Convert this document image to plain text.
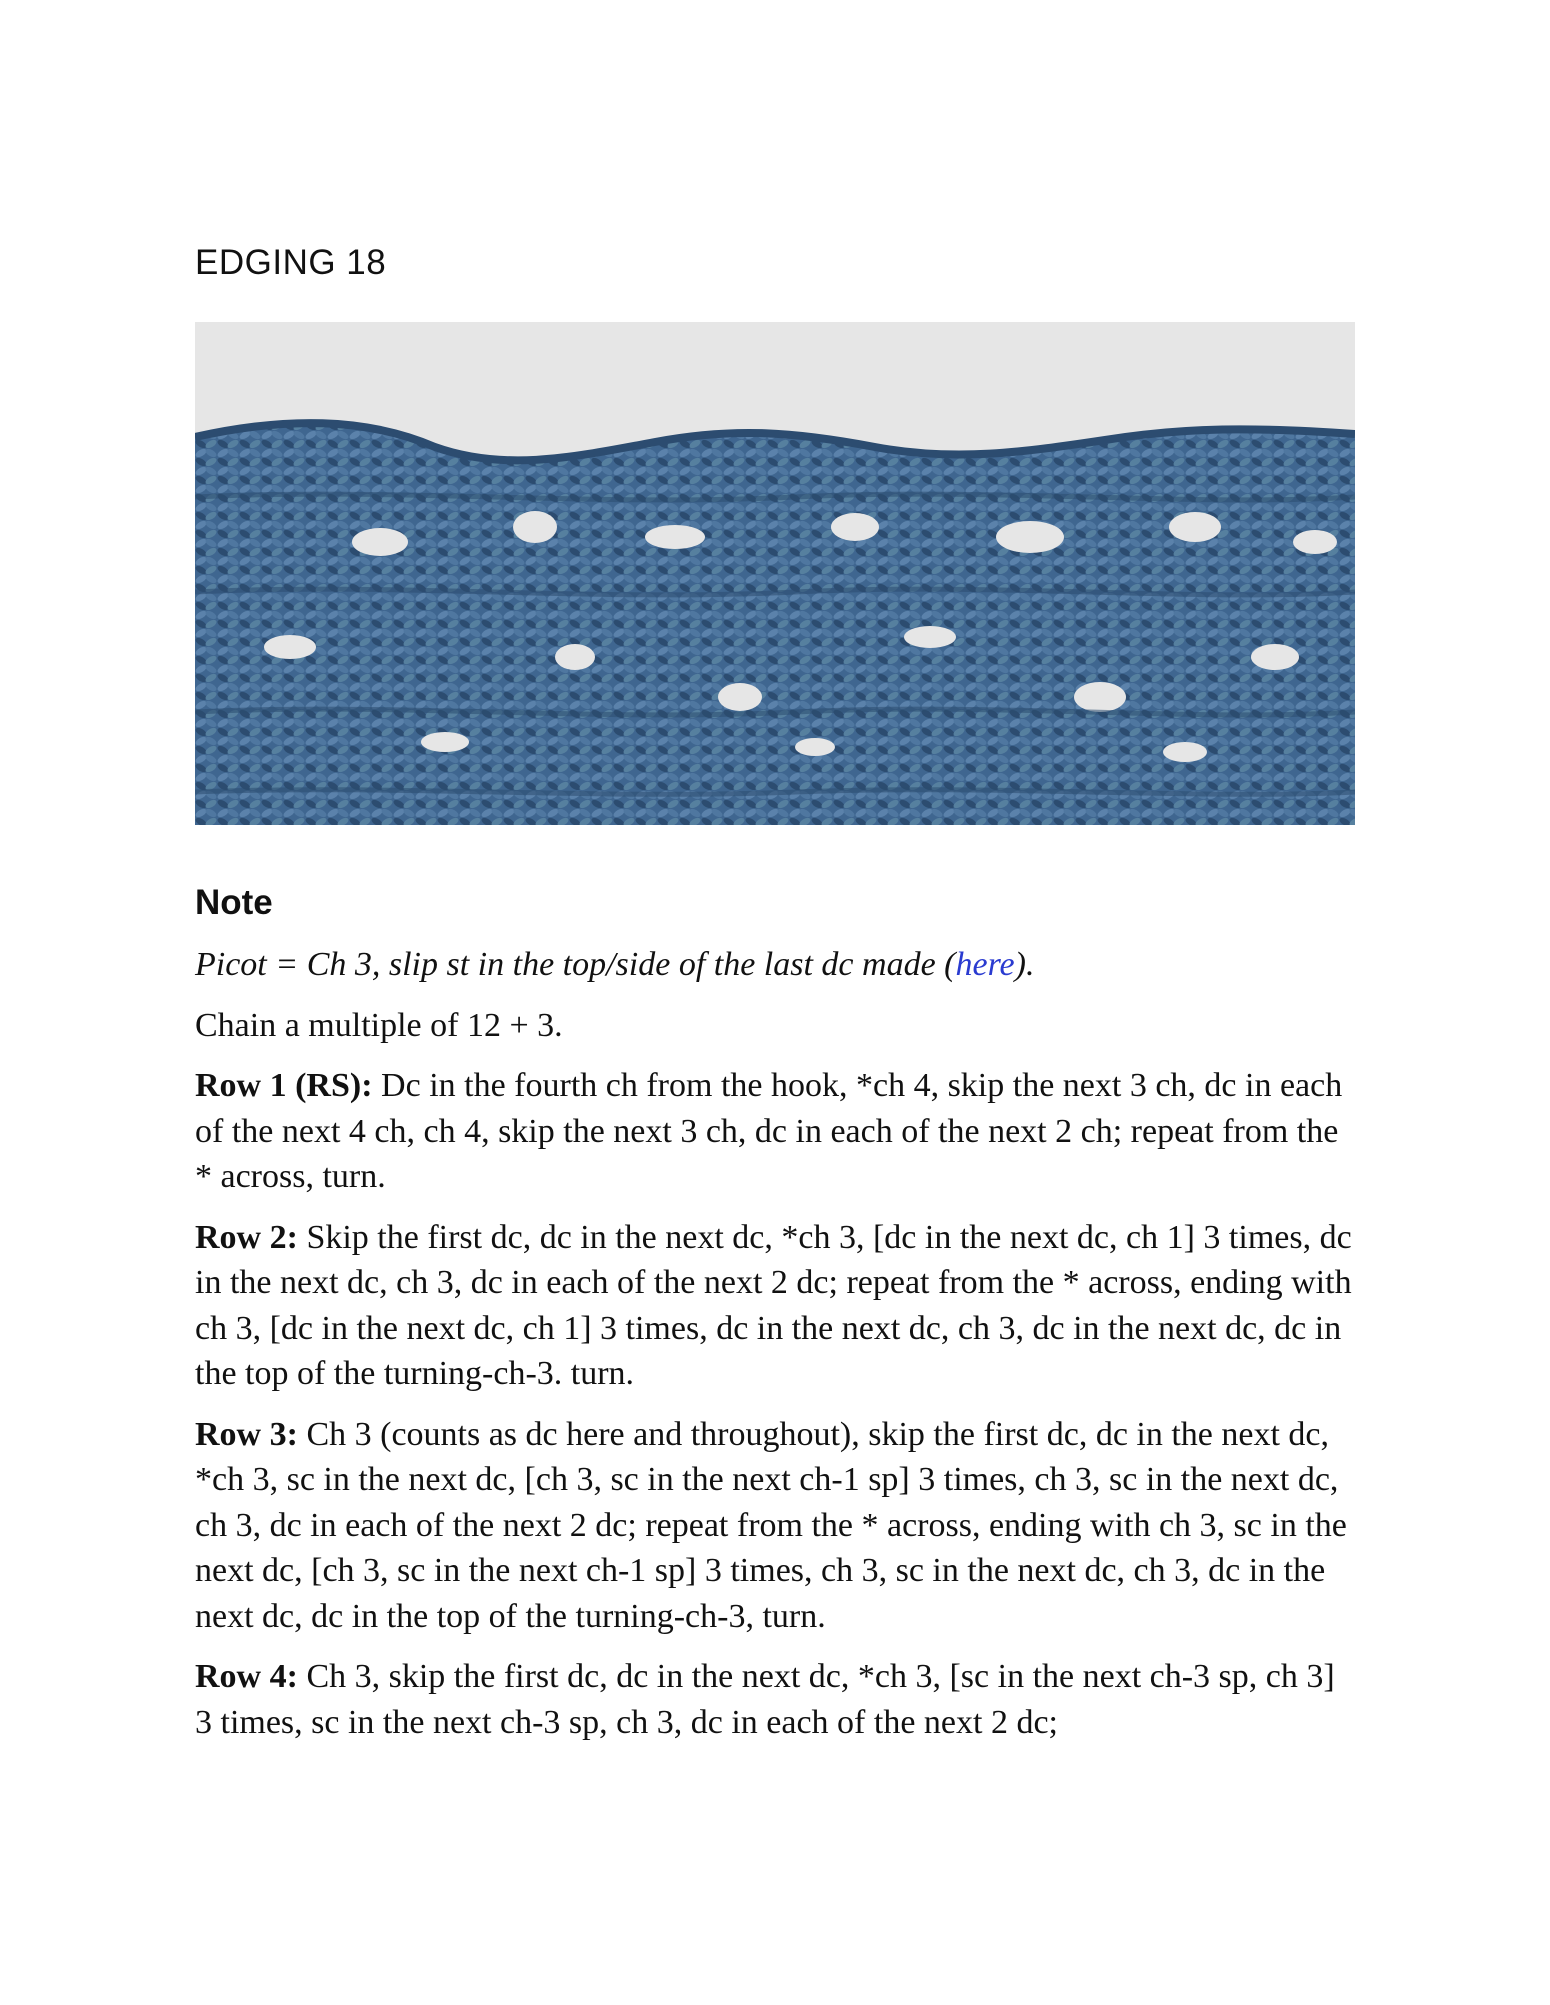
EDGING 18
Note

Picot = Ch 3, slip st in the top/side of the last dc made (here).

Chain a multiple of 12 + 3.

Row 1 (RS): Dc in the fourth ch from the hook, *ch 4, skip the next 3 ch, dc in each of the next 4 ch, ch 4, skip the next 3 ch, dc in each of the next 2 ch; repeat from the * across, turn.

Row 2: Skip the first dc, dc in the next dc, *ch 3, [dc in the next dc, ch 1] 3 times, dc in the next dc, ch 3, dc in each of the next 2 dc; repeat from the * across, ending with ch 3, [dc in the next dc, ch 1] 3 times, dc in the next dc, ch 3, dc in the next dc, dc in the top of the turning-ch-3. turn.

Row 3: Ch 3 (counts as dc here and throughout), skip the first dc, dc in the next dc, *ch 3, sc in the next dc, [ch 3, sc in the next ch-1 sp] 3 times, ch 3, sc in the next dc, ch 3, dc in each of the next 2 dc; repeat from the * across, ending with ch 3, sc in the next dc, [ch 3, sc in the next ch-1 sp] 3 times, ch 3, sc in the next dc, ch 3, dc in the next dc, dc in the top of the turning-ch-3, turn.

Row 4: Ch 3, skip the first dc, dc in the next dc, *ch 3, [sc in the next ch-3 sp, ch 3] 3 times, sc in the next ch-3 sp, ch 3, dc in each of the next 2 dc;
